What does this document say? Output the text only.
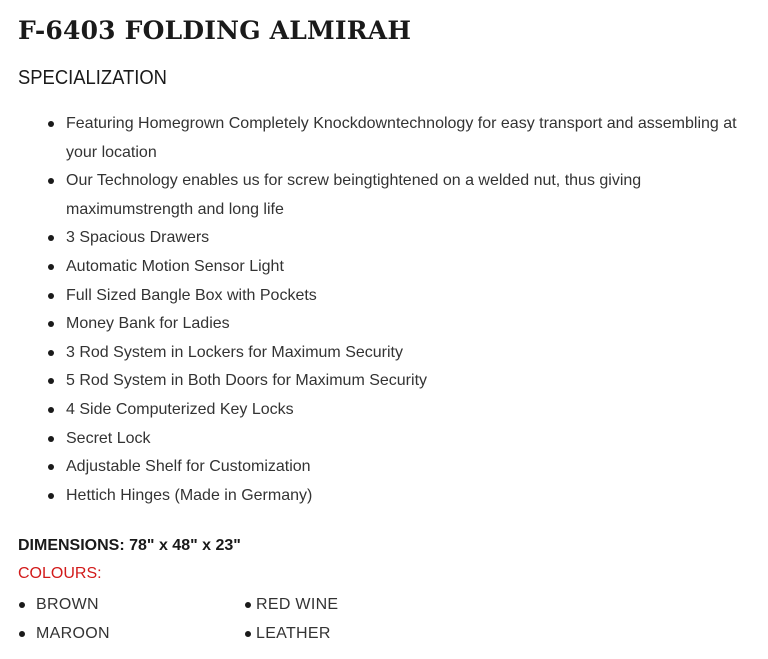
F-6403 FOLDING ALMIRAH
SPECIALIZATION
Featuring Homegrown Completely Knockdowntechnology for easy transport and assembling at your location
Our Technology enables us for screw beingtightened on a welded nut, thus giving maximumstrength and long life
3 Spacious Drawers
Automatic Motion Sensor Light
Full Sized Bangle Box with Pockets
Money Bank for Ladies
3 Rod System in Lockers for Maximum Security
5 Rod System in Both Doors for Maximum Security
4 Side Computerized Key Locks
Secret Lock
Adjustable Shelf for Customization
Hettich Hinges (Made in Germany)
DIMENSIONS: 78" x 48" x 23"
COLOURS:
BROWN	RED WINE
MAROON	LEATHER
